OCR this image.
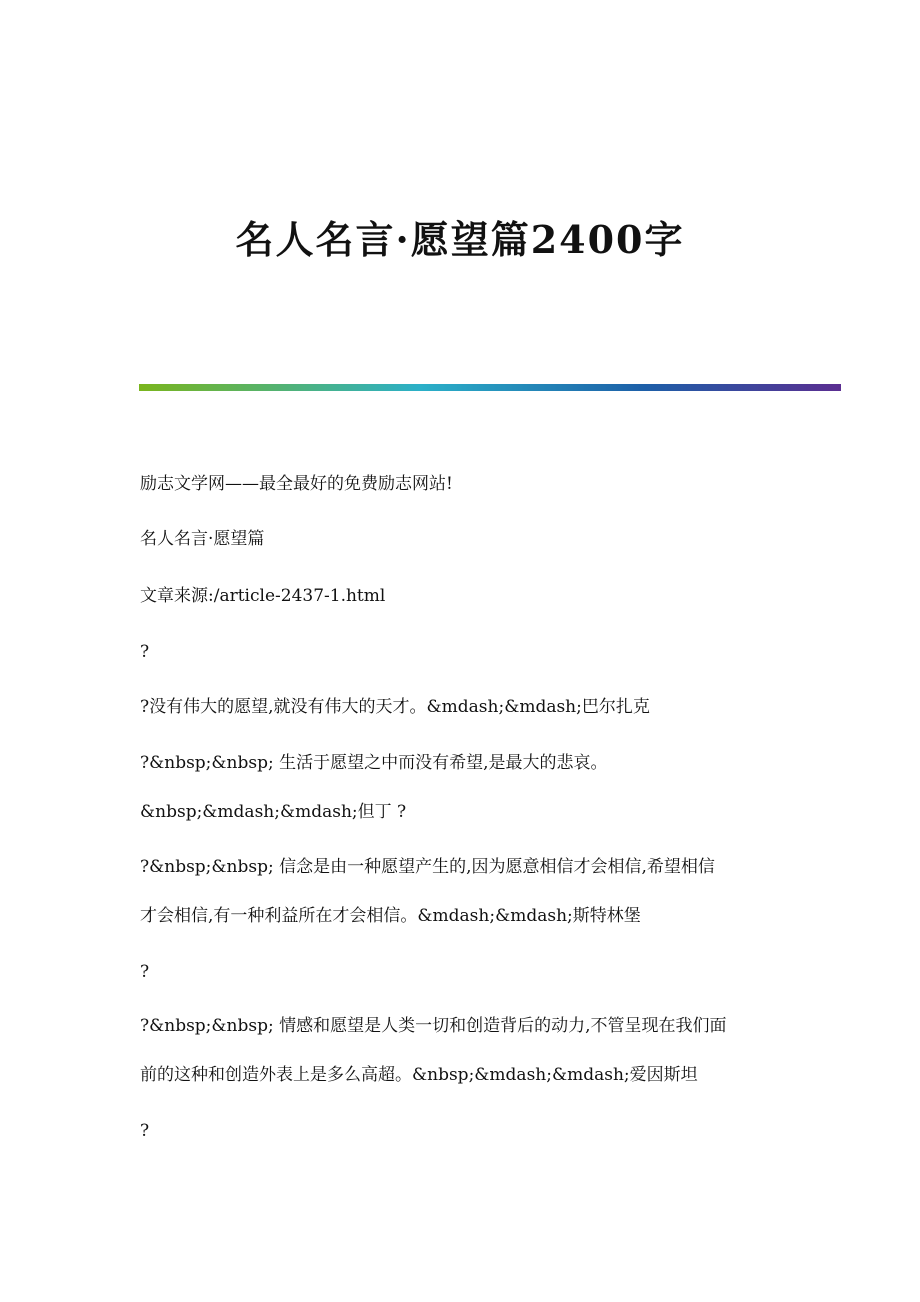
名人名言·愿望篇2400字

励志文学网——最全最好的免费励志网站!

名人名言·愿望篇

文章来源:/article-2437-1.html

?

?没有伟大的愿望,就没有伟大的天才。&mdash;&mdash;巴尔扎克

?&nbsp;&nbsp; 生活于愿望之中而没有希望,是最大的悲哀。

&nbsp;&mdash;&mdash;但丁 ?

?&nbsp;&nbsp; 信念是由一种愿望产生的,因为愿意相信才会相信,希望相信

才会相信,有一种利益所在才会相信。&mdash;&mdash;斯特林堡

?

?&nbsp;&nbsp; 情感和愿望是人类一切和创造背后的动力,不管呈现在我们面

前的这种和创造外表上是多么高超。&nbsp;&mdash;&mdash;爱因斯坦

?
